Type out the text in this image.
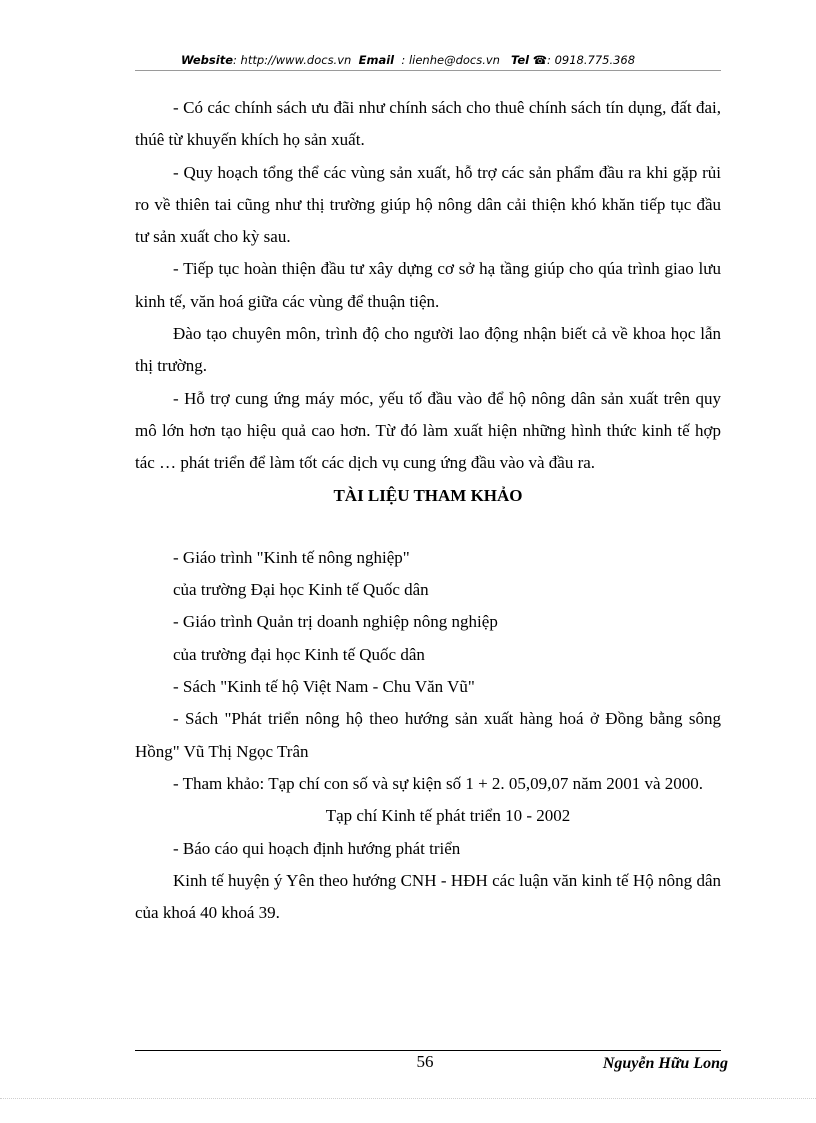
Website: http://www.docs.vn Email : lienhe@docs.vn Tel ☎: 0918.775.368

- Có các chính sách ưu đãi như chính sách cho thuê chính sách tín dụng, đất đai, thúê từ khuyến khích họ sản xuất.

- Quy hoạch tổng thể các vùng sản xuất, hỗ trợ các sản phẩm đầu ra khi gặp rủi ro về thiên tai cũng như thị trường giúp hộ nông dân cải thiện khó khăn tiếp tục đầu tư sản xuất cho kỳ sau.

- Tiếp tục hoàn thiện đầu tư xây dựng cơ sở hạ tầng giúp cho qúa trình giao lưu kinh tế, văn hoá giữa các vùng để thuận tiện.

Đào tạo chuyên môn, trình độ cho người lao động nhận biết cả về khoa học lẫn thị trường.

- Hỗ trợ cung ứng máy móc, yếu tố đầu vào để hộ nông dân sản xuất trên quy mô lớn hơn tạo hiệu quả cao hơn. Từ đó làm xuất hiện những hình thức kinh tế hợp tác … phát triển để làm tốt các dịch vụ cung ứng đầu vào và đầu ra.

TÀI LIỆU THAM KHẢO

- Giáo trình "Kinh tế nông nghiệp"

của trường Đại học Kinh tế Quốc dân

- Giáo trình Quản trị doanh nghiệp nông nghiệp

của trường đại học Kinh tế Quốc dân

- Sách "Kinh tế hộ Việt Nam - Chu Văn Vũ"

- Sách "Phát triển nông hộ theo hướng sản xuất hàng hoá ở Đồng bằng sông Hồng" Vũ Thị Ngọc Trân

- Tham khảo: Tạp chí con số và sự kiện số 1 + 2. 05,09,07 năm 2001 và 2000.

Tạp chí Kinh tế phát triển 10 - 2002

- Báo cáo qui hoạch định hướng phát triển

Kinh tế huyện ý Yên theo hướng CNH - HĐH các luận văn kinh tế Hộ nông dân của khoá 40 khoá 39.

56	Nguyễn Hữu Long
